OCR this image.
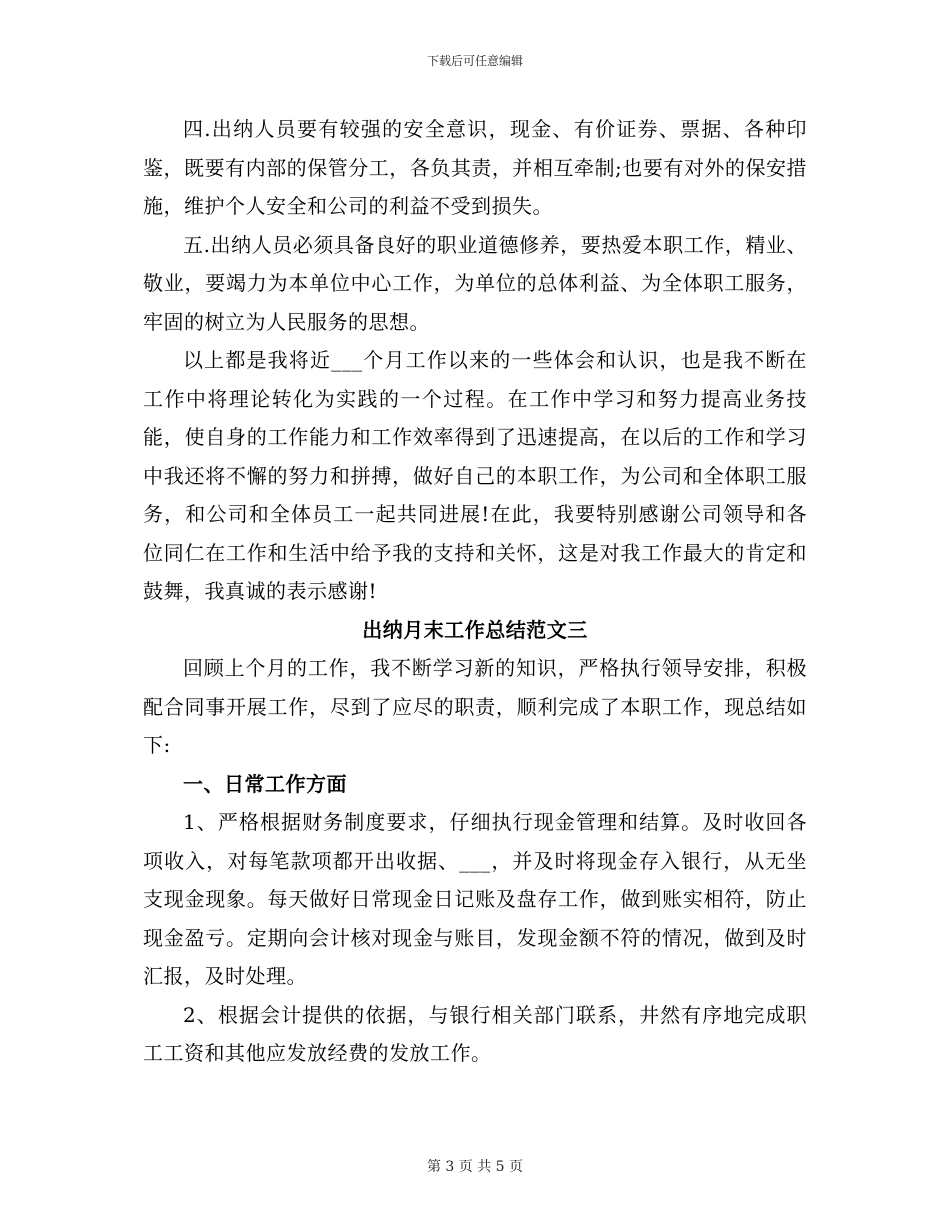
下载后可任意编辑

四.出纳人员要有较强的安全意识，现金、有价证券、票据、各种印鉴，既要有内部的保管分工，各负其责，并相互牵制;也要有对外的保安措施，维护个人安全和公司的利益不受到损失。

五.出纳人员必须具备良好的职业道德修养，要热爱本职工作，精业、敬业，要竭力为本单位中心工作，为单位的总体利益、为全体职工服务，牢固的树立为人民服务的思想。

以上都是我将近___个月工作以来的一些体会和认识，也是我不断在工作中将理论转化为实践的一个过程。在工作中学习和努力提高业务技能，使自身的工作能力和工作效率得到了迅速提高，在以后的工作和学习中我还将不懈的努力和拼搏，做好自己的本职工作，为公司和全体职工服务，和公司和全体员工一起共同进展!在此，我要特别感谢公司领导和各位同仁在工作和生活中给予我的支持和关怀，这是对我工作最大的肯定和鼓舞，我真诚的表示感谢!

出纳月末工作总结范文三

回顾上个月的工作，我不断学习新的知识，严格执行领导安排，积极配合同事开展工作，尽到了应尽的职责，顺利完成了本职工作，现总结如下:

一、日常工作方面

1、严格根据财务制度要求，仔细执行现金管理和结算。及时收回各项收入，对每笔款项都开出收据、___，并及时将现金存入银行，从无坐支现金现象。每天做好日常现金日记账及盘存工作，做到账实相符，防止现金盈亏。定期向会计核对现金与账目，发现金额不符的情况，做到及时汇报，及时处理。

2、根据会计提供的依据，与银行相关部门联系，井然有序地完成职工工资和其他应发放经费的发放工作。

第 3 页 共 5 页
